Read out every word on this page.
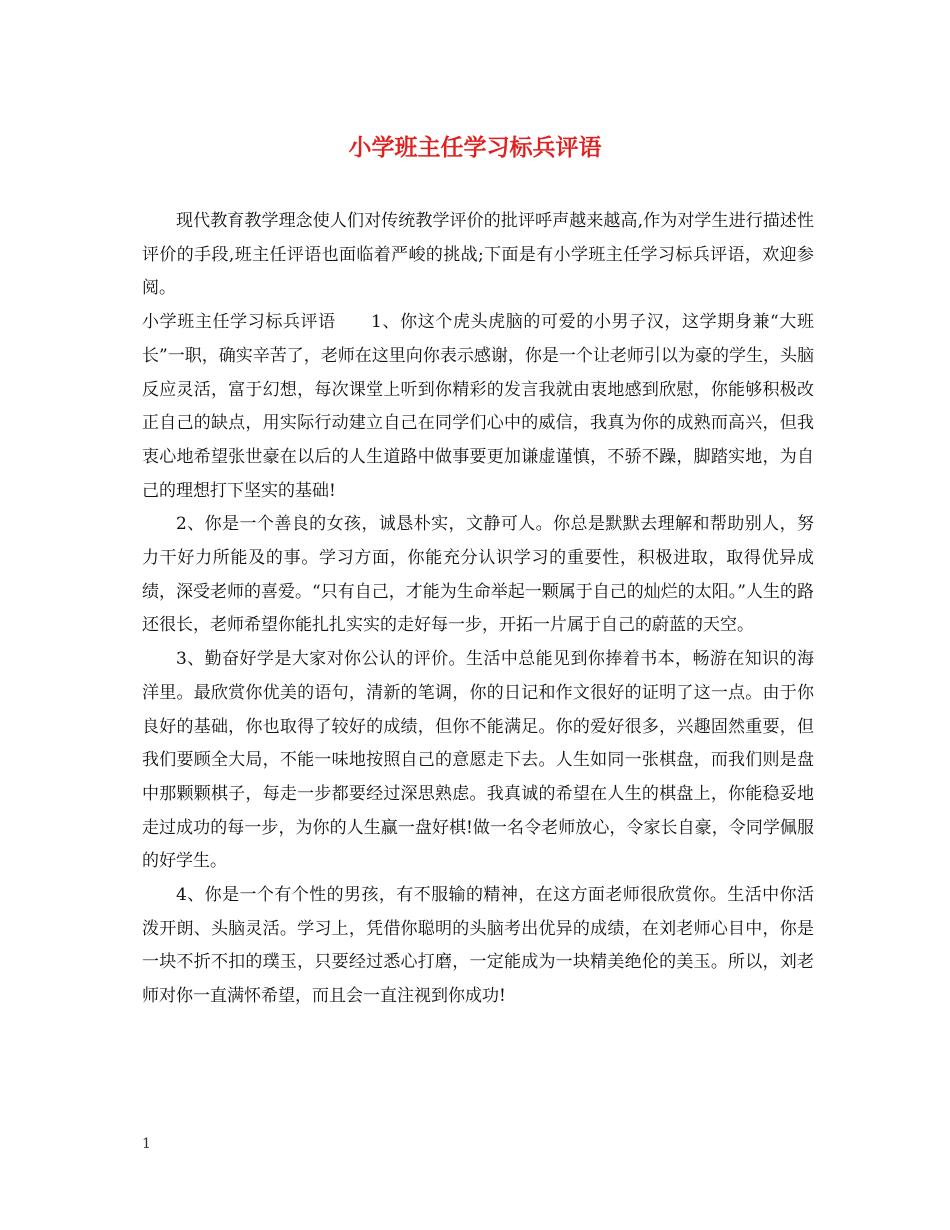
小学班主任学习标兵评语

现代教育教学理念使人们对传统教学评价的批评呼声越来越高,作为对学生进行描述性评价的手段,班主任评语也面临着严峻的挑战;下面是有小学班主任学习标兵评语，欢迎参阅。

小学班主任学习标兵评语　　1、你这个虎头虎脑的可爱的小男子汉，这学期身兼“大班长”一职，确实辛苦了，老师在这里向你表示感谢，你是一个让老师引以为豪的学生，头脑反应灵活，富于幻想，每次课堂上听到你精彩的发言我就由衷地感到欣慰，你能够积极改正自己的缺点，用实际行动建立自己在同学们心中的威信，我真为你的成熟而高兴，但我衷心地希望张世豪在以后的人生道路中做事要更加谦虚谨慎，不骄不躁，脚踏实地，为自己的理想打下坚实的基础!

2、你是一个善良的女孩，诚恳朴实，文静可人。你总是默默去理解和帮助别人，努力干好力所能及的事。学习方面，你能充分认识学习的重要性，积极进取，取得优异成绩，深受老师的喜爱。“只有自己，才能为生命举起一颗属于自己的灿烂的太阳。”人生的路还很长，老师希望你能扎扎实实的走好每一步，开拓一片属于自己的蔚蓝的天空。

3、勤奋好学是大家对你公认的评价。生活中总能见到你捧着书本，畅游在知识的海洋里。最欣赏你优美的语句，清新的笔调，你的日记和作文很好的证明了这一点。由于你良好的基础，你也取得了较好的成绩，但你不能满足。你的爱好很多，兴趣固然重要，但我们要顾全大局，不能一味地按照自己的意愿走下去。人生如同一张棋盘，而我们则是盘中那颗颗棋子，每走一步都要经过深思熟虑。我真诚的希望在人生的棋盘上，你能稳妥地走过成功的每一步，为你的人生赢一盘好棋!做一名令老师放心，令家长自豪，令同学佩服的好学生。

4、你是一个有个性的男孩，有不服输的精神，在这方面老师很欣赏你。生活中你活泼开朗、头脑灵活。学习上，凭借你聪明的头脑考出优异的成绩，在刘老师心目中，你是一块不折不扣的璞玉，只要经过悉心打磨，一定能成为一块精美绝伦的美玉。所以，刘老师对你一直满怀希望，而且会一直注视到你成功!

1
